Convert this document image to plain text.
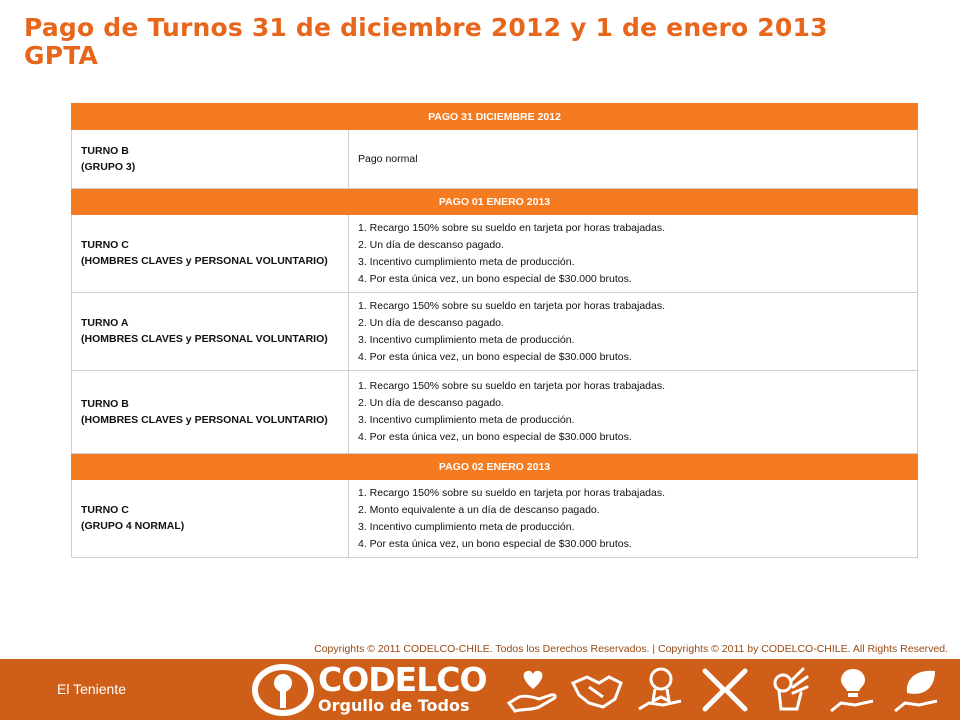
Pago de Turnos 31 de diciembre 2012 y 1 de enero 2013
GPTA
PAGO 31 DICIEMBRE 2012	

TURNO B
(GRUPO 3)	Pago normal

PAGO 01 ENERO 2013	

TURNO C
(HOMBRES CLAVES y PERSONAL VOLUNTARIO)	1. Recargo 150% sobre su sueldo en tarjeta por horas trabajadas.
2. Un día de descanso pagado.
3. Incentivo cumplimiento meta de producción.
4. Por esta única vez, un bono especial de $30.000 brutos.

TURNO A
(HOMBRES CLAVES y PERSONAL VOLUNTARIO)	1. Recargo 150% sobre su sueldo en tarjeta por horas trabajadas.
2. Un día de descanso pagado.
3. Incentivo cumplimiento meta de producción.
4. Por esta única vez, un bono especial de $30.000 brutos.

TURNO B
(HOMBRES CLAVES y PERSONAL VOLUNTARIO)	1. Recargo 150% sobre su sueldo en tarjeta por horas trabajadas.
2. Un día de descanso pagado.
3. Incentivo cumplimiento meta de producción.
4. Por esta única vez, un bono especial de $30.000 brutos.

PAGO 02 ENERO 2013	

TURNO C
(GRUPO 4 NORMAL)	1. Recargo 150% sobre su sueldo en tarjeta por horas trabajadas.
2. Monto equivalente a un día de descanso pagado.
3. Incentivo cumplimiento meta de producción.
4. Por esta única vez, un bono especial de $30.000 brutos.
Copyrights © 2011 CODELCO-CHILE. Todos los Derechos Reservados. | Copyrights © 2011 by CODELCO-CHILE. All Rights Reserved.
El Teniente	CODELCO
Orgullo de Todos
